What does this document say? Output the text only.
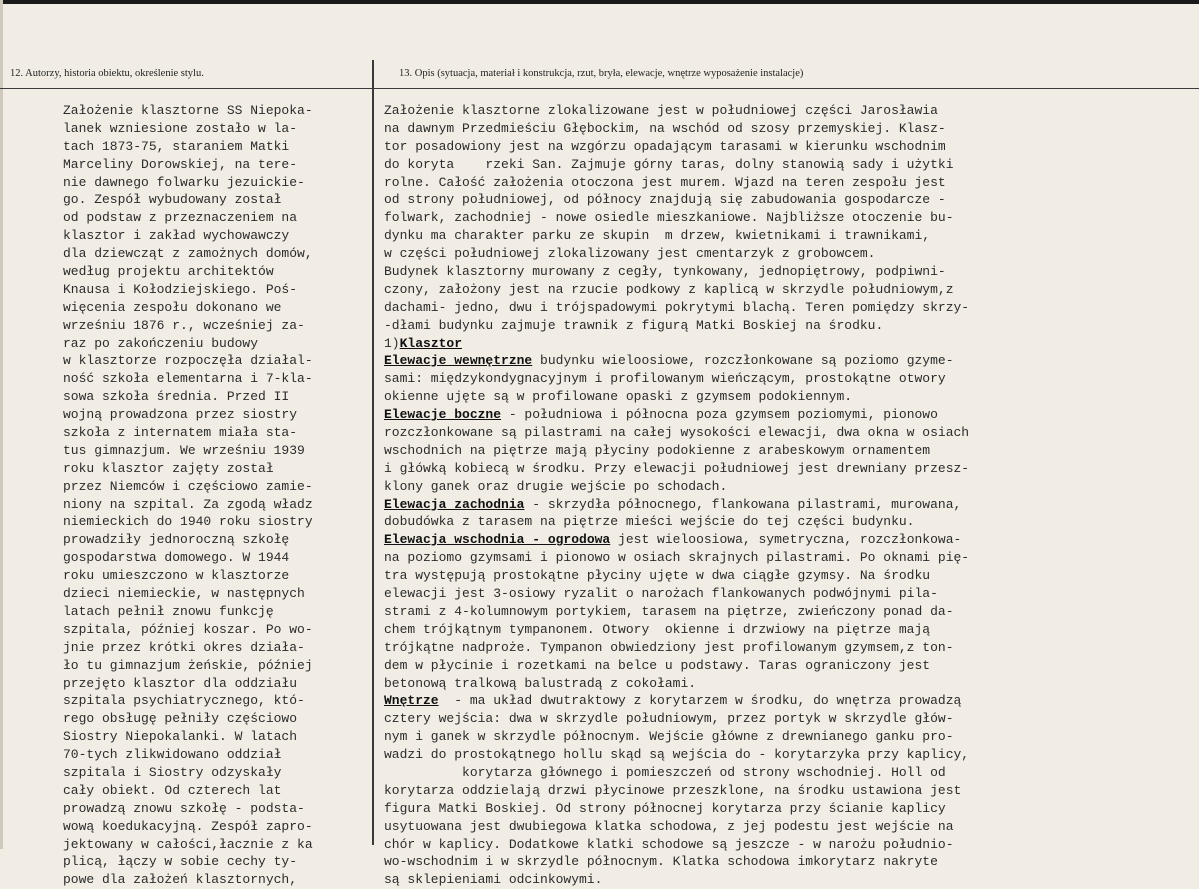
12. Autorzy, historia obiektu, określenie stylu.	13. Opis (sytuacja, materiał i konstrukcja, rzut, bryła, elewacje, wnętrze wyposażenie instalacje)
Założenie klasztorne SS Niepoka-
lanek wzniesione zostało w la-
tach 1873-75, staraniem Matki
Marceliny Dorowskiej, na tere-
nie dawnego folwarku jezuickie-
go. Zespół wybudowany został
od podstaw z przeznaczeniem na
klasztor i zakład wychowawczy
dla dziewcząt z zamożnych domów,
według projektu architektów
Knausa i Kołodziejskiego. Poś-
więcenia zespołu dokonano we
wrześniu 1876 r., wcześniej za-
raz po zakończeniu budowy
w klasztorze rozpoczęła działal-
ność szkoła elementarna i 7-kla-
sowa szkoła średnia. Przed II
wojną prowadzona przez siostry
szkoła z internatem miała sta-
tus gimnazjum. We wrześniu 1939
roku klasztor zajęty został
przez Niemców i częściowo zamie-
niony na szpital. Za zgodą władz
niemieckich do 1940 roku siostry
prowadziły jednoroczną szkołę
gospodarstwa domowego. W 1944
roku umieszczono w klasztorze
dzieci niemieckie, w następnych
latach pełnił znowu funkcję
szpitala, później koszar. Po wo-
jnie przez krótki okres działa-
ło tu gimnazjum żeńskie, później
przejęto klasztor dla oddziału
szpitala psychiatrycznego, któ-
rego obsługę pełniły częściowo
Siostry Niepokalanki. W latach
70-tych zlikwidowano oddział
szpitala i Siostry odzyskały
cały obiekt. Od czterech lat
prowadzą znowu szkołę - podsta-
wową koedukacyjną. Zespół zapro-
jektowany w całości,łacznie z ka
plicą, łączy w sobie cechy ty-
powe dla założeń klasztornych,
Założenie klasztorne zlokalizowane jest w południowej części Jarosławia
na dawnym Przedmieściu Głębockim, na wschód od szosy przemyskiej. Klasz-
tor posadowiony jest na wzgórzu opadającym tarasami w kierunku wschodnim
do koryta    rzeki San. Zajmuje górny taras, dolny stanowią sady i użytki
rolne. Całość założenia otoczona jest murem. Wjazd na teren zespołu jest
od strony południowej, od północy znajdują się zabudowania gospodarcze -
folwark, zachodniej - nowe osiedle mieszkaniowe. Najbliższe otoczenie bu-
dynku ma charakter parku ze skupin  m drzew, kwietnikami i trawnikami,
w części południowej zlokalizowany jest cmentarzyk z grobowcem.
Budynek klasztorny murowany z cegły, tynkowany, jednopiętrowy, podpiwni-
czony, założony jest na rzucie podkowy z kaplicą w skrzydle południowym,z
dachami- jedno, dwu i trójspadowymi pokrytymi blachą. Teren pomiędzy skrzy-
-dłami budynku zajmuje trawnik z figurą Matki Boskiej na środku.
1)Klasztor
Elewacje wewnętrzne budynku wieloosiowe, rozczłonkowane są poziomo gzyme-
sami: międzykondygnacyjnym i profilowanym wieńczącym, prostokątne otwory
okienne ujęte są w profilowane opaski z gzymsem podokiennym.
Elewacje boczne - południowa i północna poza gzymsem poziomymi, pionowo
rozczłonkowane są pilastrami na całej wysokości elewacji, dwa okna w osiach
wschodnich na piętrze mają płyciny podokienne z arabeskowym ornamentem
i główką kobiecą w środku. Przy elewacji południowej jest drewniany przesz-
klony ganek oraz drugie wejście po schodach.
Elewacja zachodnia - skrzydła północnego, flankowana pilastrami, murowana,
dobudówka z tarasem na piętrze mieści wejście do tej części budynku.
Elewacja wschodnia - ogrodowa jest wieloosiowa, symetryczna, rozczłonkowa-
na poziomo gzymsami i pionowo w osiach skrajnych pilastrami. Po oknami pię-
tra występują prostokątne płyciny ujęte w dwa ciągłe gzymsy. Na środku
elewacji jest 3-osiowy ryzalit o narożach flankowanych podwójnymi pila-
strami z 4-kolumnowym portykiem, tarasem na piętrze, zwieńczony ponad da-
chem trójkątnym tympanonem. Otwory  okienne i drzwiowy na piętrze mają
trójkątne nadproże. Tympanon obwiedziony jest profilowanym gzymsem,z ton-
dem w płycinie i rozetkami na belce u podstawy. Taras ograniczony jest
betonową tralkową balustradą z cokołami.
Wnętrze  - ma układ dwutraktowy z korytarzem w środku, do wnętrza prowadzą
cztery wejścia: dwa w skrzydle południowym, przez portyk w skrzydle głów-
nym i ganek w skrzydle północnym. Wejście główne z drewnianego ganku pro-
wadzi do prostokątnego hollu skąd są wejścia do - korytarzyka przy kaplicy,
korytarza głównego i pomieszczeń od strony wschodniej. Holl od
korytarza oddzielają drzwi płycinowe przeszklone, na środku ustawiona jest
figura Matki Boskiej. Od strony północnej korytarza przy ścianie kaplicy
usytuowana jest dwubiegowa klatka schodowa, z jej podestu jest wejście na
chór w kaplicy. Dodatkowe klatki schodowe są jeszcze - w narożu południo-
wo-wschodnim i w skrzydle północnym. Klatka schodowa imkorytarz nakryte
są sklepieniami odcinkowymi.
